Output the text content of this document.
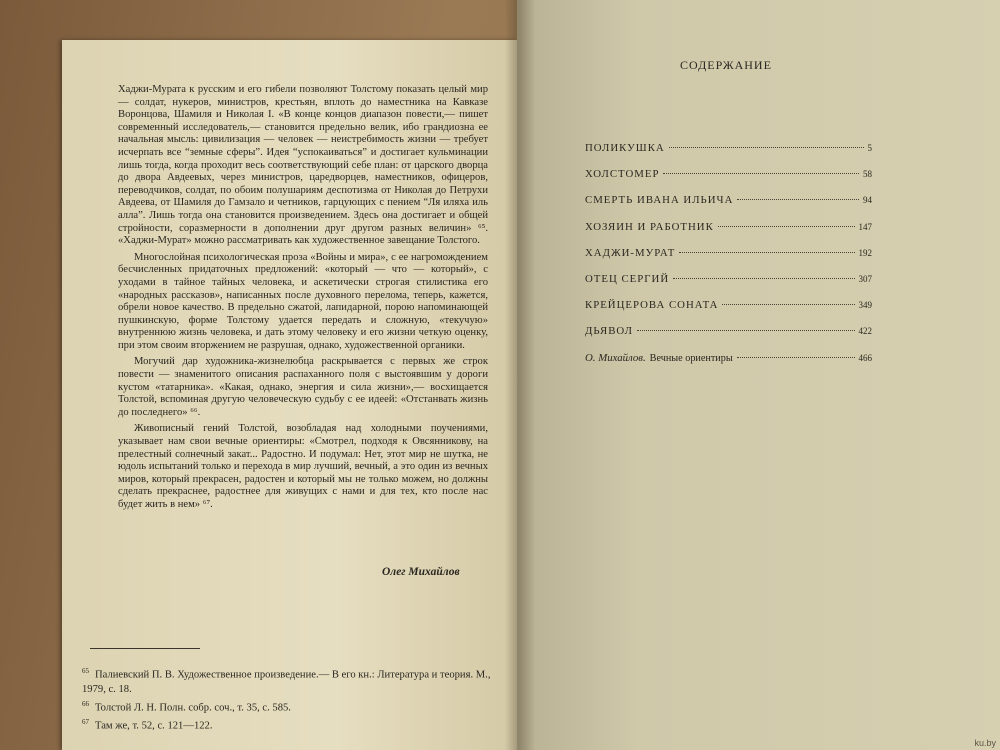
Хаджи-Мурата к русским и его гибели позволяют Толстому показать целый мир — солдат, нукеров, министров, крестьян, вплоть до наместника на Кавказе Воронцова, Шамиля и Николая I. «В конце концов диапазон повести,— пишет современный исследователь,— становится предельно велик, ибо грандиозна ее начальная мысль: цивилизация — человек — неистребимость жизни — требует исчерпать все “земные сферы”. Идея “успокаиваться” и достигает кульминации лишь тогда, когда проходит весь соответствующий себе план: от царского дворца до двора Авдеевых, через министров, царедворцев, наместников, офицеров, переводчиков, солдат, по обоим полушариям деспотизма от Николая до Петрухи Авдеева, от Шамиля до Гамзало и четников, гарцующих с пением “Ля иляха иль алла”. Лишь тогда она становится произведением. Здесь она достигает и общей стройности, соразмерности в дополнении друг другом разных величин» ⁶⁵. «Хаджи-Мурат» можно рассматривать как художественное завещание Толстого.

Многослойная психологическая проза «Войны и мира», с ее нагромождением бесчисленных придаточных предложений: «который — что — который», с уходами в тайное тайных человека, и аскетически строгая стилистика его «народных рассказов», написанных после духовного перелома, теперь, кажется, обрели новое качество. В предельно сжатой, лапидарной, порою напоминающей пушкинскую, форме Толстому удается передать и сложную, «текучую» внутреннюю жизнь человека, и дать этому человеку и его жизни четкую оценку, при этом своим вторжением не разрушая, однако, художественной органики.

Могучий дар художника-жизнелюбца раскрывается с первых же строк повести — знаменитого описания распаханного поля с выстоявшим у дороги кустом «татарника». «Какая, однако, энергия и сила жизни»,— восхищается Толстой, вспоминая другую человеческую судьбу с ее идеей: «Отстанвать жизнь до последнего» ⁶⁶.

Живописный гений Толстой, возобладая над холодными поучениями, указывает нам свои вечные ориентиры: «Смотрел, подходя к Овсянникову, на прелестный солнечный закат... Радостно. И подумал: Нет, этот мир не шутка, не юдоль испытаний только и перехода в мир лучший, вечный, а это один из вечных миров, который прекрасен, радостен и который мы не только можем, но должны сделать прекраснее, радостнее для живущих с нами и для тех, кто после нас будет жить в нем» ⁶⁷.

Олег Михайлов

$^{65}$ Палиевский П. В. Художественное произведение.— В его кн.: Литература и теория. М., 1979, с. 18.

$^{66}$ Толстой Л. Н. Полн. собр. соч., т. 35, с. 585.

$^{67}$ Там же, т. 52, с. 121—122.

СОДЕРЖАНИЕ
ПОЛИКУШКА	5
ХОЛСТОМЕР	58
СМЕРТЬ ИВАНА ИЛЬИЧА	94
ХОЗЯИН И РАБОТНИК	147
ХАДЖИ-МУРАТ	192
ОТЕЦ СЕРГИЙ	307
КРЕЙЦЕРОВА СОНАТА	349
ДЬЯВОЛ	422
О. Михайлов. Вечные ориентиры	466
ku.by
